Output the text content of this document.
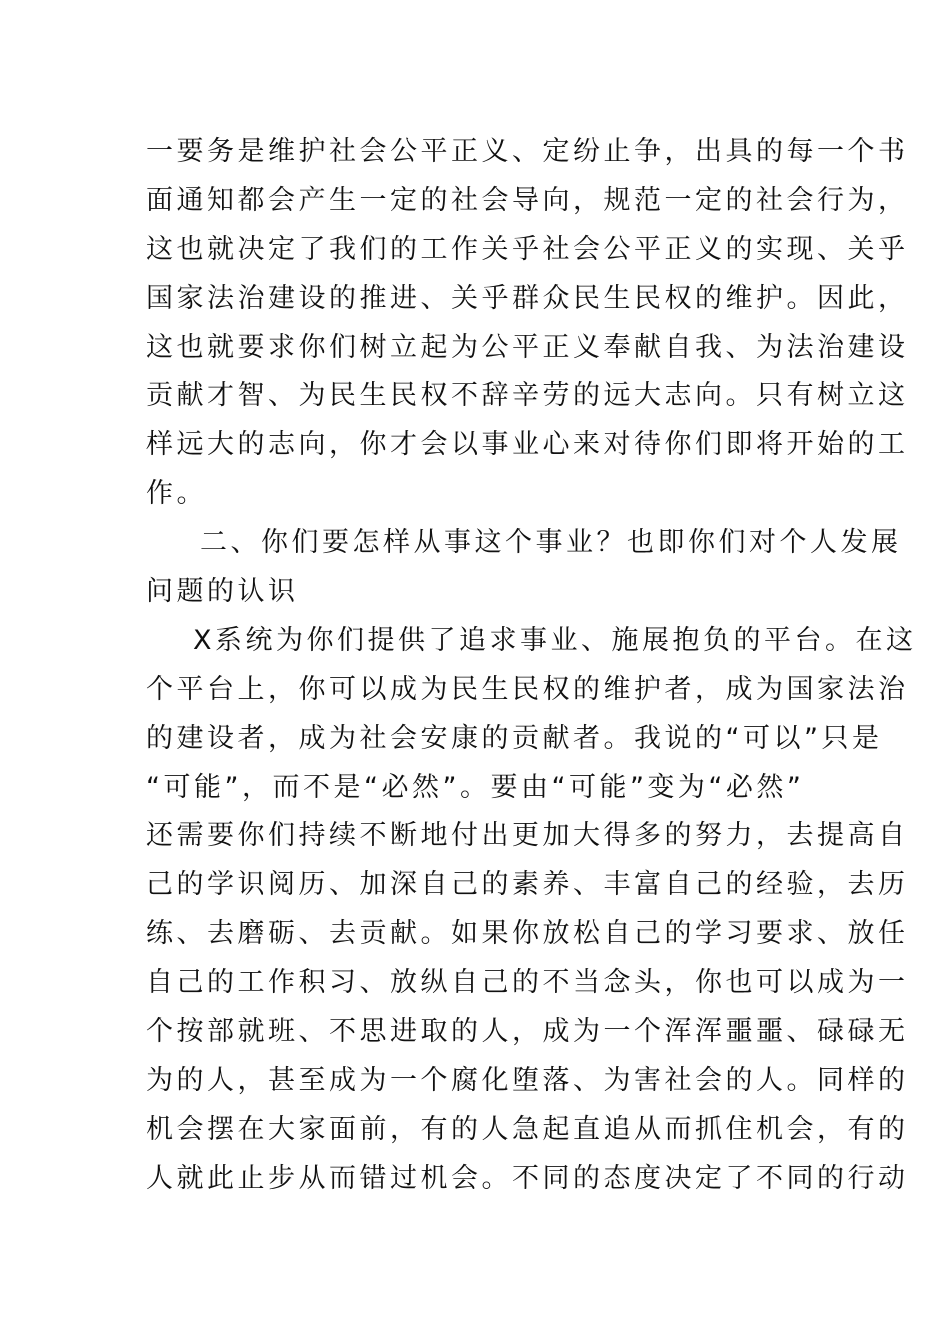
一要务是维护社会公平正义、定纷止争，出具的每一个书
面通知都会产生一定的社会导向，规范一定的社会行为，
这也就决定了我们的工作关乎社会公平正义的实现、关乎
国家法治建设的推进、关乎群众民生民权的维护。因此，
这也就要求你们树立起为公平正义奉献自我、为法治建设
贡献才智、为民生民权不辞辛劳的远大志向。只有树立这
样远大的志向，你才会以事业心来对待你们即将开始的工
作。
二、你们要怎样从事这个事业？也即你们对个人发展
问题的认识
X系统为你们提供了追求事业、施展抱负的平台。在这
个平台上，你可以成为民生民权的维护者，成为国家法治
的建设者，成为社会安康的贡献者。我说的“可以”只是
“可能”，而不是“必然”。要由“可能”变为“必然”
还需要你们持续不断地付出更加大得多的努力，去提高自
己的学识阅历、加深自己的素养、丰富自己的经验，去历
练、去磨砺、去贡献。如果你放松自己的学习要求、放任
自己的工作积习、放纵自己的不当念头，你也可以成为一
个按部就班、不思进取的人，成为一个浑浑噩噩、碌碌无
为的人，甚至成为一个腐化堕落、为害社会的人。同样的
机会摆在大家面前，有的人急起直追从而抓住机会，有的
人就此止步从而错过机会。不同的态度决定了不同的行动
